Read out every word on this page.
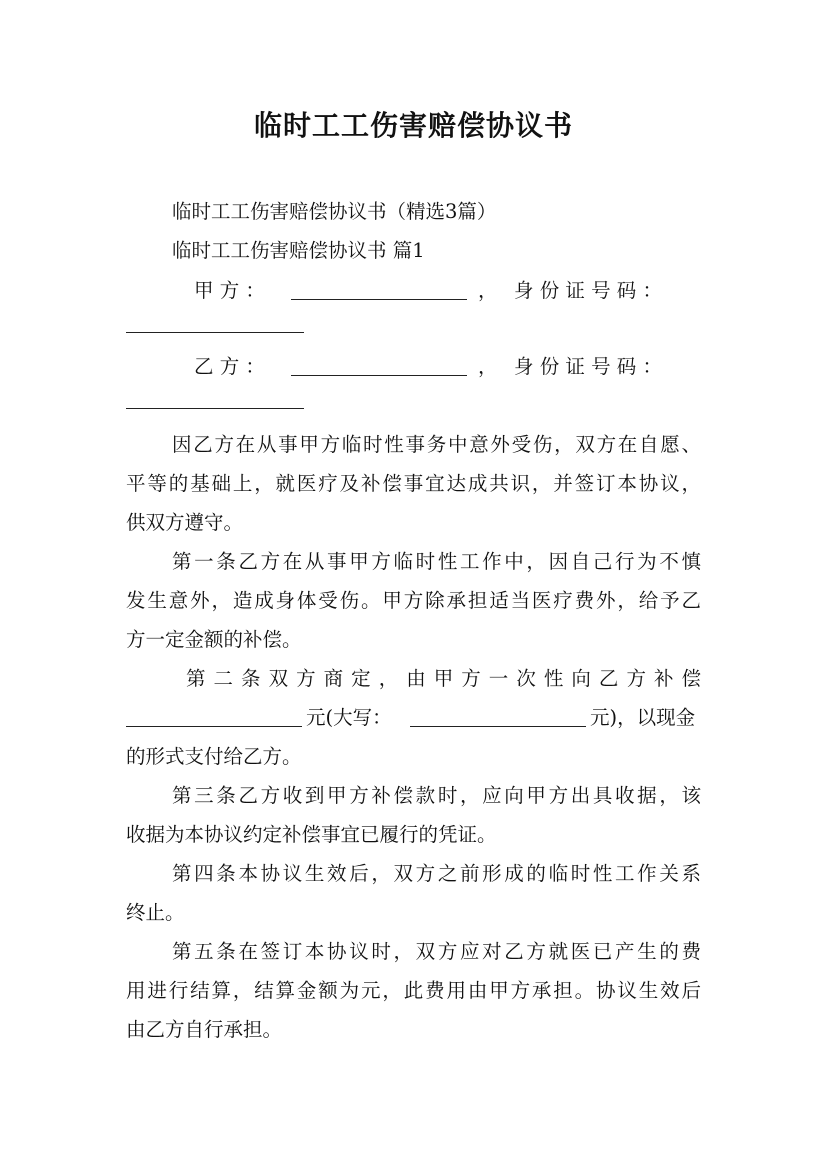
临时工工伤害赔偿协议书
临时工工伤害赔偿协议书（精选3篇）
临时工工伤害赔偿协议书 篇1
甲 方 ：	， 身 份 证 号 码 ：
乙 方 ：	， 身 份 证 号 码 ：
因乙方在从事甲方临时性事务中意外受伤，双方在自愿、
平等的基础上，就医疗及补偿事宜达成共识，并签订本协议，
供双方遵守。
第一条乙方在从事甲方临时性工作中，因自己行为不慎
发生意外，造成身体受伤。甲方除承担适当医疗费外，给予乙
方一定金额的补偿。
第 二 条 双 方 商 定 ， 由 甲 方 一 次 性 向 乙 方 补 偿
元(大写：	元)，以现金
的形式支付给乙方。
第三条乙方收到甲方补偿款时，应向甲方出具收据，该
收据为本协议约定补偿事宜已履行的凭证。
第四条本协议生效后，双方之前形成的临时性工作关系
终止。
第五条在签订本协议时，双方应对乙方就医已产生的费
用进行结算，结算金额为元，此费用由甲方承担。协议生效后
由乙方自行承担。
